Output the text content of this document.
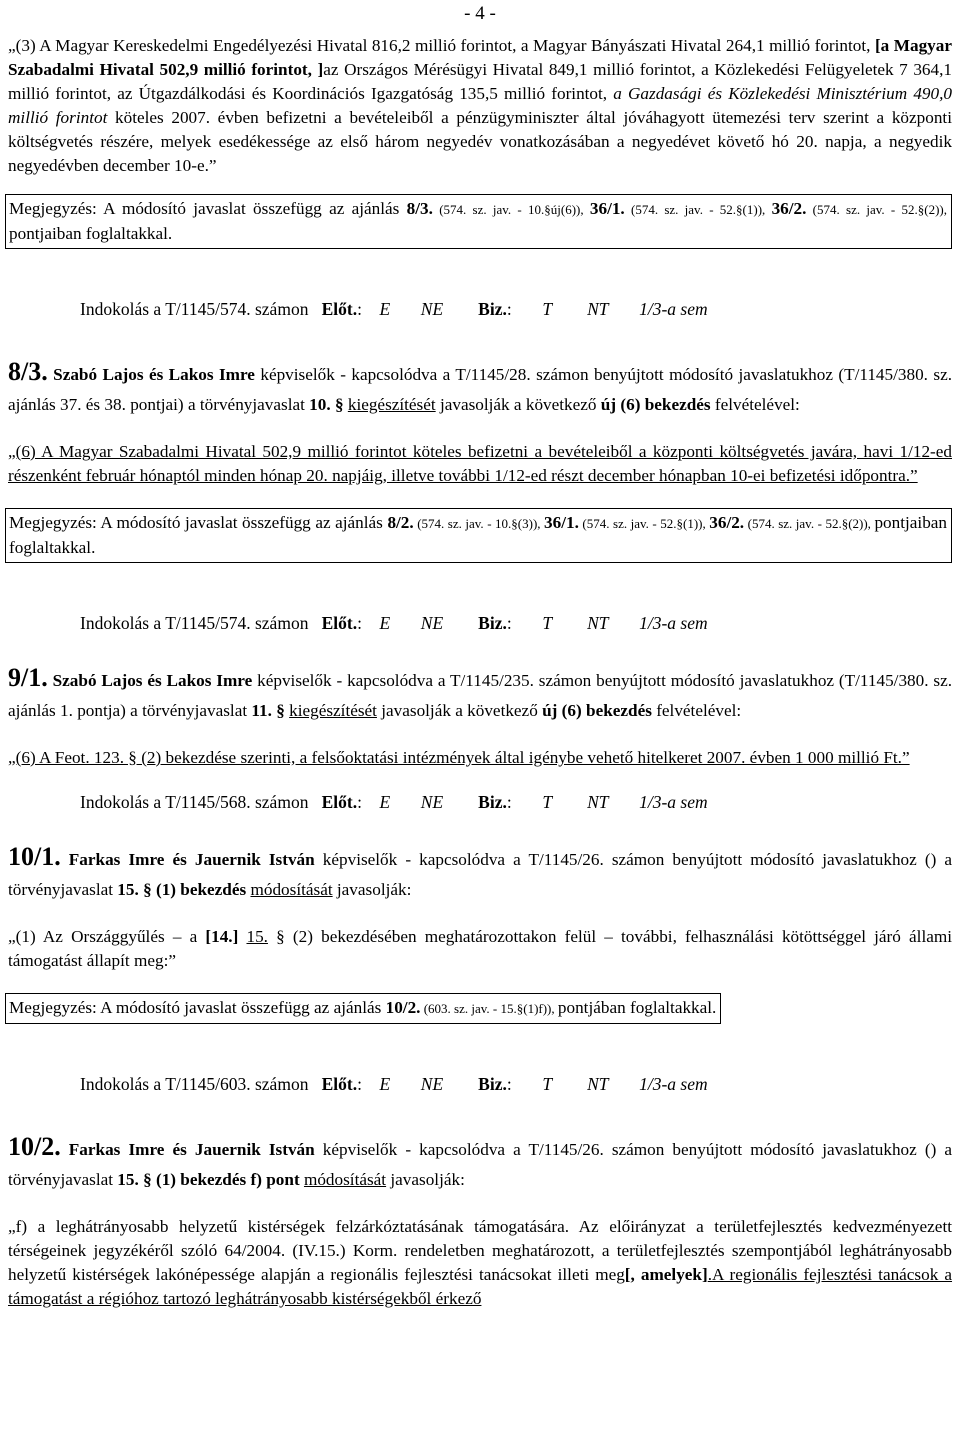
- 4 -

„(3) A Magyar Kereskedelmi Engedélyezési Hivatal 816,2 millió forintot, a Magyar Bányászati Hivatal 264,1 millió forintot, [a Magyar Szabadalmi Hivatal 502,9 millió forintot, ]az Országos Mérésügyi Hivatal 849,1 millió forintot, a Közlekedési Felügyeletek 7 364,1 millió forintot, az Útgazdálkodási és Koordinációs Igazgatóság 135,5 millió forintot, a Gazdasági és Közlekedési Minisztérium 490,0 millió forintot köteles 2007. évben befizetni a bevételeiből a pénzügyminiszter által jóváhagyott ütemezési terv szerint a központi költségvetés részére, melyek esedékessége az első három negyedév vonatkozásában a negyedévet követő hó 20. napja, a negyedik negyedévben december 10-e.”

Megjegyzés: A módosító javaslat összefügg az ajánlás 8/3. (574. sz. jav. - 10.§új(6)), 36/1. (574. sz. jav. - 52.§(1)), 36/2. (574. sz. jav. - 52.§(2)), pontjaiban foglaltakkal.

Indokolás a T/1145/574. számon
Előt. :
E
NE
Biz. : T
NT
1/3-a sem

8/3. Szabó Lajos és Lakos Imre képviselők - kapcsolódva a T/1145/28. számon benyújtott módosító javaslatukhoz (T/1145/380. sz. ajánlás 37. és 38. pontjai) a törvényjavaslat 10. § kiegészítését javasolják a következő új (6) bekezdés felvételével:

„(6) A Magyar Szabadalmi Hivatal 502,9 millió forintot köteles befizetni a bevételeiből a központi költségvetés javára, havi 1/12-ed részenként február hónaptól minden hónap 20. napjáig, illetve további 1/12-ed részt december hónapban 10-ei befizetési időpontra.”

Megjegyzés: A módosító javaslat összefügg az ajánlás 8/2. (574. sz. jav. - 10.§(3)), 36/1. (574. sz. jav. - 52.§(1)), 36/2. (574. sz. jav. - 52.§(2)), pontjaiban foglaltakkal.

Indokolás a T/1145/574. számon
Előt. :
E
NE
Biz. : T
NT
1/3-a sem

9/1. Szabó Lajos és Lakos Imre képviselők - kapcsolódva a T/1145/235. számon benyújtott módosító javaslatukhoz (T/1145/380. sz. ajánlás 1. pontja) a törvényjavaslat 11. § kiegészítését javasolják a következő új (6) bekezdés felvételével:

„(6) A Feot. 123. § (2) bekezdése szerinti, a felsőoktatási intézmények által igénybe vehető hitelkeret 2007. évben 1 000 millió Ft.”

Indokolás a T/1145/568. számon
Előt. :
E
NE
Biz. : T
NT
1/3-a sem

10/1. Farkas Imre és Jauernik István képviselők - kapcsolódva a T/1145/26. számon benyújtott módosító javaslatukhoz () a törvényjavaslat 15. § (1) bekezdés módosítását javasolják:

„(1) Az Országgyűlés – a [14.] 15. § (2) bekezdésében meghatározottakon felül – további, felhasználási kötöttséggel járó állami támogatást állapít meg:”

Megjegyzés: A módosító javaslat összefügg az ajánlás 10/2. (603. sz. jav. - 15.§(1)f)), pontjában foglaltakkal.

Indokolás a T/1145/603. számon
Előt. :
E
NE
Biz. : T
NT
1/3-a sem

10/2. Farkas Imre és Jauernik István képviselők - kapcsolódva a T/1145/26. számon benyújtott módosító javaslatukhoz () a törvényjavaslat 15. § (1) bekezdés f) pont módosítását javasolják:

„f) a leghátrányosabb helyzetű kistérségek felzárkóztatásának támogatására. Az előirányzat a területfejlesztés kedvezményezett térségeinek jegyzékéről szóló 64/2004. (IV.15.) Korm. rendeletben meghatározott, a területfejlesztés szempontjából leghátrányosabb helyzetű kistérségek lakónépessége alapján a regionális fejlesztési tanácsokat illeti meg[, amelyek].A regionális fejlesztési tanácsok a támogatást a régióhoz tartozó leghátrányosabb kistérségekből érkező
